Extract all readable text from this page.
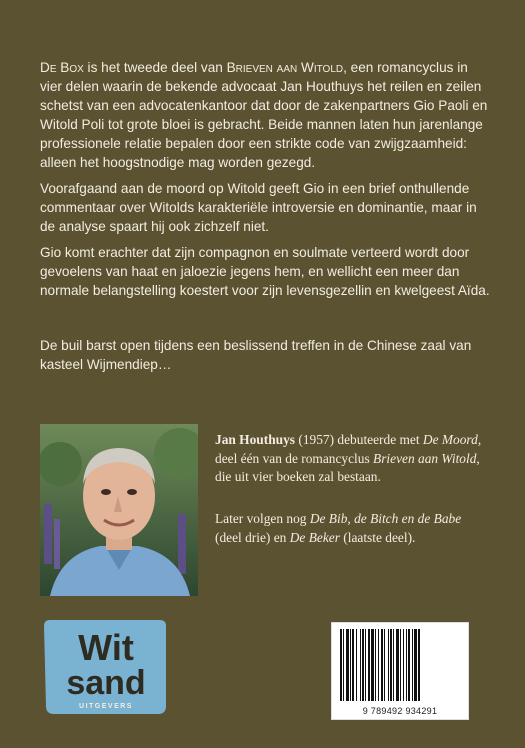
De Box is het tweede deel van Brieven aan Witold, een romancyclus in vier delen waarin de bekende advocaat Jan Houthuys het reilen en zeilen schetst van een advocatenkantoor dat door de zakenpartners Gio Paoli en Witold Poli tot grote bloei is gebracht. Beide mannen laten hun jarenlange professionele relatie bepalen door een strikte code van zwijgzaamheid: alleen het hoogstnodige mag worden gezegd.

Voorafgaand aan de moord op Witold geeft Gio in een brief onthullende commentaar over Witolds karakteriële introversie en dominantie, maar in de analyse spaart hij ook zichzelf niet.

Gio komt erachter dat zijn compagnon en soulmate verteerd wordt door gevoelens van haat en jaloezie jegens hem, en wellicht een meer dan normale belangstelling koestert voor zijn levensgezellin en kwelgeest Aïda.

De buil barst open tijdens een beslissend treffen in de Chinese zaal van kasteel Wijmendiep…

Jan Houthuys (1957) debuteerde met De Moord, deel één van de romancyclus Brieven aan Witold, die uit vier boeken zal bestaan.

Later volgen nog De Bib, de Bitch en de Babe (deel drie) en De Beker (laatste deel).

Wit
sand
UITGEVERS	9 789492 934291
